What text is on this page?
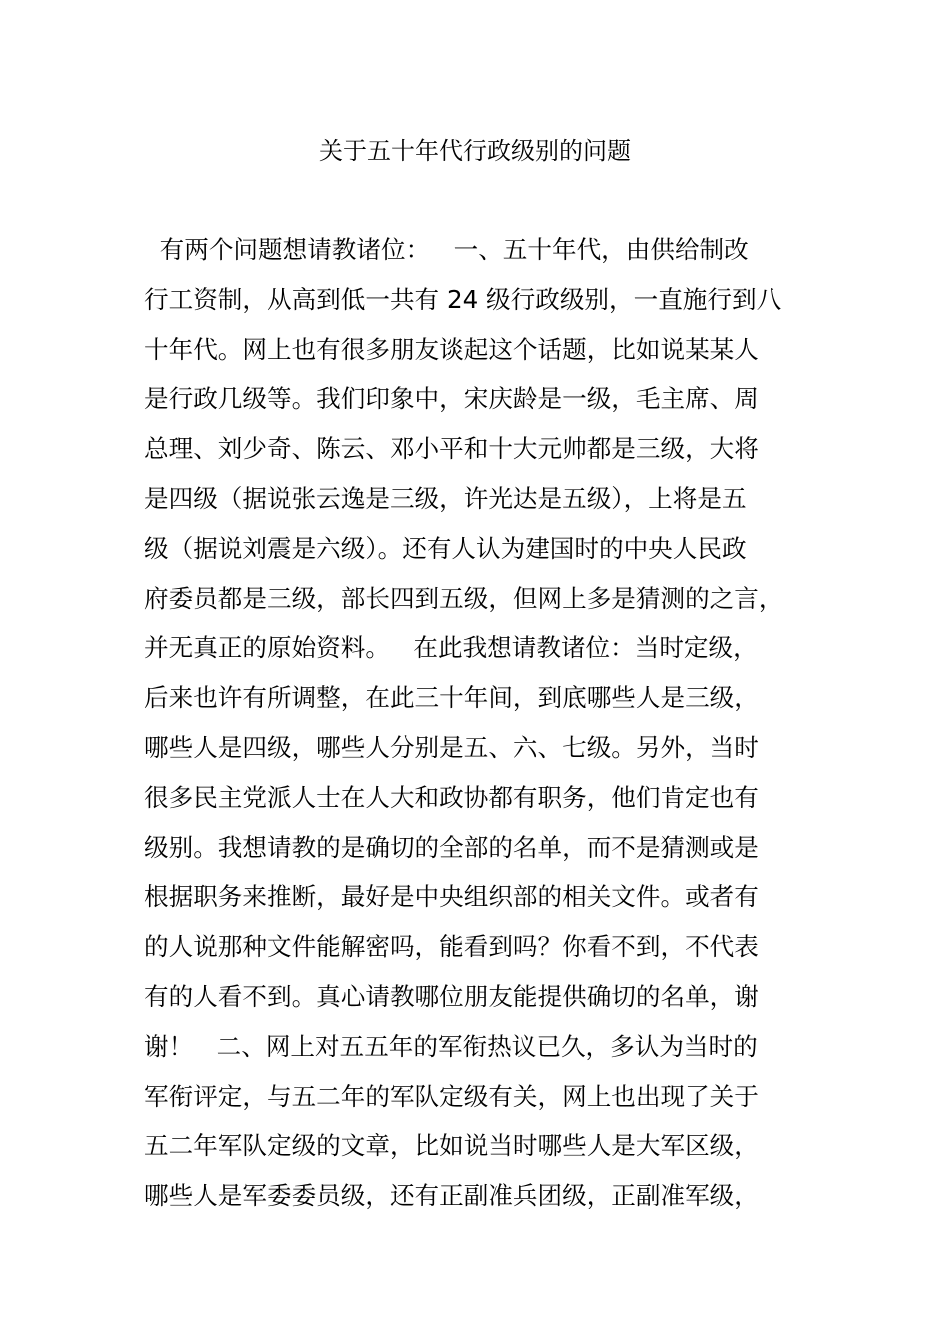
关于五十年代行政级别的问题
有两个问题想请教诸位：   一、五十年代，由供给制改
行工资制，从高到低一共有 24 级行政级别，一直施行到八
十年代。网上也有很多朋友谈起这个话题，比如说某某人
是行政几级等。我们印象中，宋庆龄是一级，毛主席、周
总理、刘少奇、陈云、邓小平和十大元帅都是三级，大将
是四级（据说张云逸是三级，许光达是五级），上将是五
级（据说刘震是六级）。还有人认为建国时的中央人民政
府委员都是三级，部长四到五级，但网上多是猜测的之言，
并无真正的原始资料。   在此我想请教诸位：当时定级，
后来也许有所调整，在此三十年间，到底哪些人是三级，
哪些人是四级，哪些人分别是五、六、七级。另外，当时
很多民主党派人士在人大和政协都有职务，他们肯定也有
级别。我想请教的是确切的全部的名单，而不是猜测或是
根据职务来推断，最好是中央组织部的相关文件。或者有
的人说那种文件能解密吗，能看到吗？你看不到，不代表
有的人看不到。真心请教哪位朋友能提供确切的名单，谢
谢！   二、网上对五五年的军衔热议已久，多认为当时的
军衔评定，与五二年的军队定级有关，网上也出现了关于
五二年军队定级的文章，比如说当时哪些人是大军区级，
哪些人是军委委员级，还有正副准兵团级，正副准军级，
